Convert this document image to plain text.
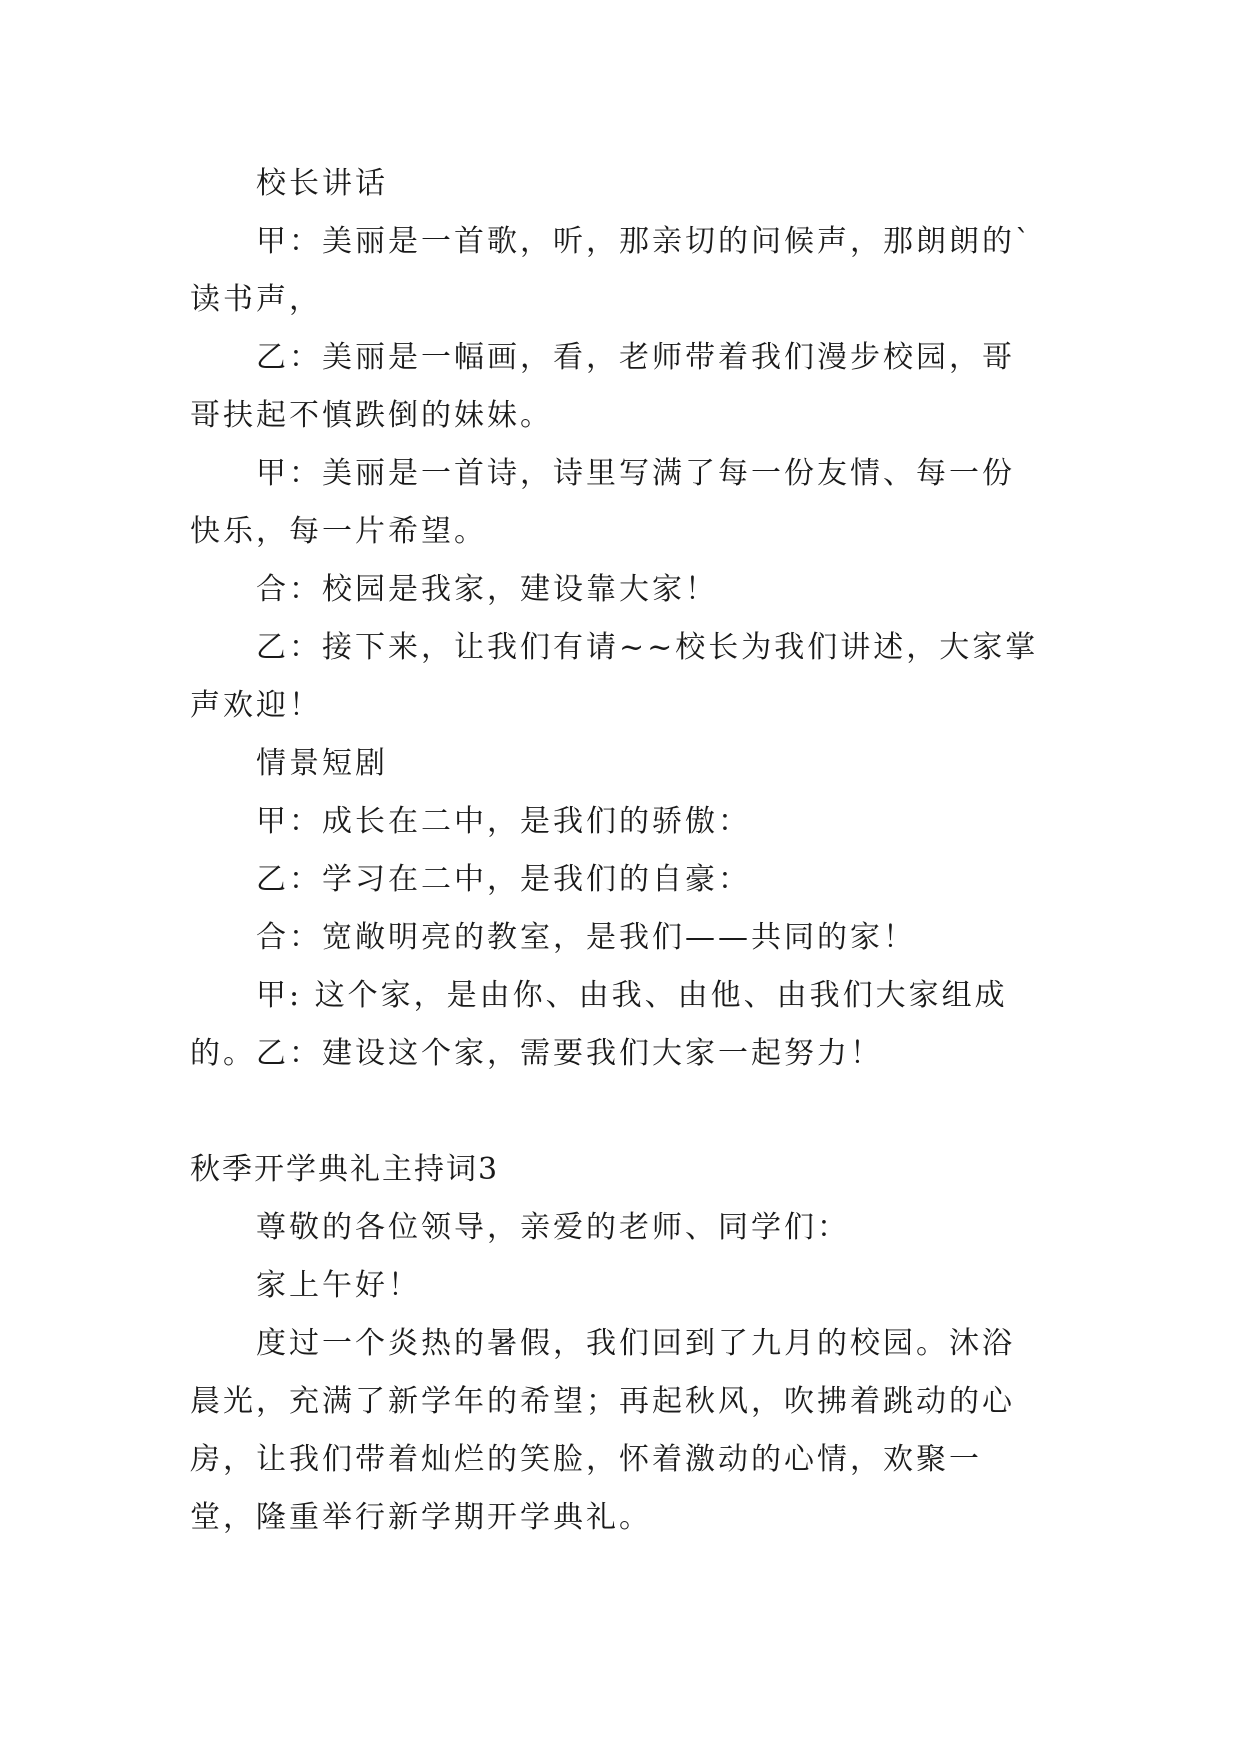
校长讲话

甲：美丽是一首歌，听，那亲切的问候声，那朗朗的`读书声，

乙：美丽是一幅画，看，老师带着我们漫步校园，哥哥扶起不慎跌倒的妹妹。

甲：美丽是一首诗，诗里写满了每一份友情、每一份快乐，每一片希望。

合：校园是我家，建设靠大家！

乙：接下来，让我们有请~~校长为我们讲述，大家掌声欢迎！

情景短剧

甲：成长在二中，是我们的骄傲：

乙：学习在二中，是我们的自豪：

合：宽敞明亮的教室，是我们——共同的家！

甲: 这个家，是由你、由我、由他、由我们大家组成的。 乙：建设这个家，需要我们大家一起努力！

秋季开学典礼主持词3

尊敬的各位领导，亲爱的老师、同学们：

家上午好！

度过一个炎热的暑假，我们回到了九月的校园。沐浴晨光，充满了新学年的希望；再起秋风，吹拂着跳动的心房，让我们带着灿烂的笑脸，怀着激动的心情，欢聚一堂，隆重举行新学期开学典礼。
